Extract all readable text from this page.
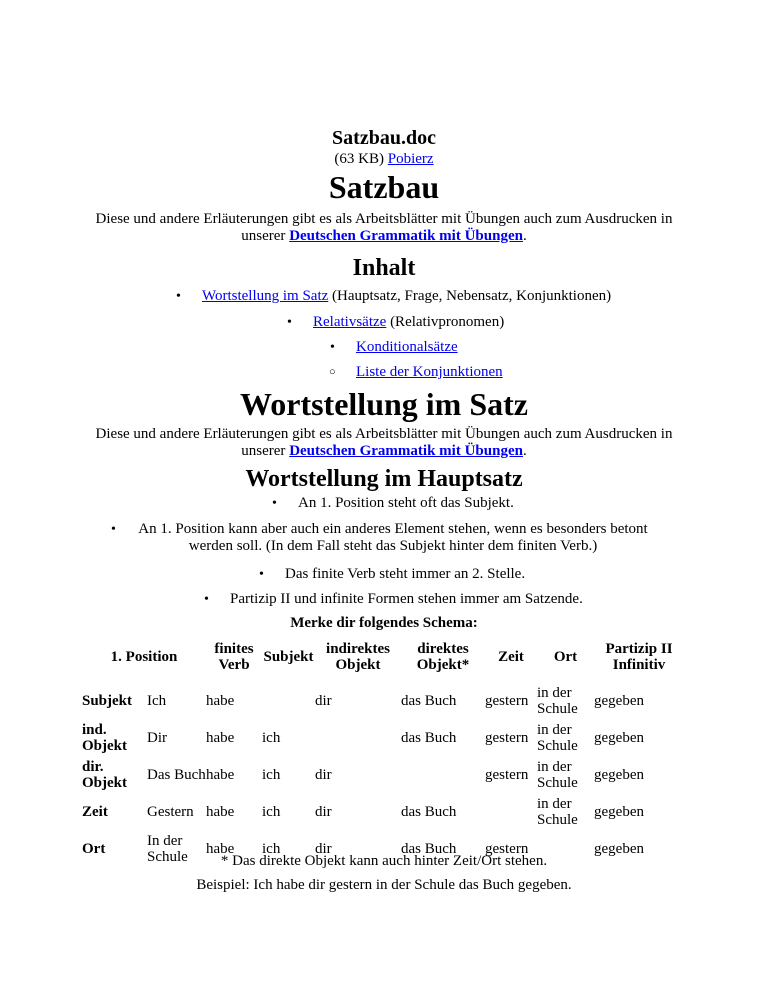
Satzbau.doc
(63 KB) Pobierz
Satzbau
Diese und andere Erläuterungen gibt es als Arbeitsblätter mit Übungen auch zum Ausdrucken in
unserer Deutschen Grammatik mit Übungen.
Inhalt
• Wortstellung im Satz (Hauptsatz, Frage, Nebensatz, Konjunktionen)
• Relativsätze (Relativpronomen)
• Konditionalsätze
○ Liste der Konjunktionen
Wortstellung im Satz
Diese und andere Erläuterungen gibt es als Arbeitsblätter mit Übungen auch zum Ausdrucken in
unserer Deutschen Grammatik mit Übungen.
Wortstellung im Hauptsatz
• An 1. Position steht oft das Subjekt.
•	An 1. Position kann aber auch ein anderes Element stehen, wenn es besonders betont
werden soll. (In dem Fall steht das Subjekt hinter dem finiten Verb.)
• Das finite Verb steht immer an 2. Stelle.
• Partizip II und infinite Formen stehen immer am Satzende.
Merke dir folgendes Schema:
1. Position		finites Verb	Subjekt	indirektes Objekt	direktes Objekt*	Zeit	Ort	Partizip II Infinitiv
Subjekt	Ich	habe		dir	das Buch	gestern	in der Schule	gegeben
ind. Objekt	Dir	habe	ich		das Buch	gestern	in der Schule	gegeben
dir. Objekt	Das Buch	habe	ich	dir		gestern	in der Schule	gegeben
Zeit	Gestern	habe	ich	dir	das Buch		in der Schule	gegeben
Ort	In der Schule	habe	ich	dir	das Buch	gestern		gegeben
* Das direkte Objekt kann auch hinter Zeit/Ort stehen.
Beispiel: Ich habe dir gestern in der Schule das Buch gegeben.
